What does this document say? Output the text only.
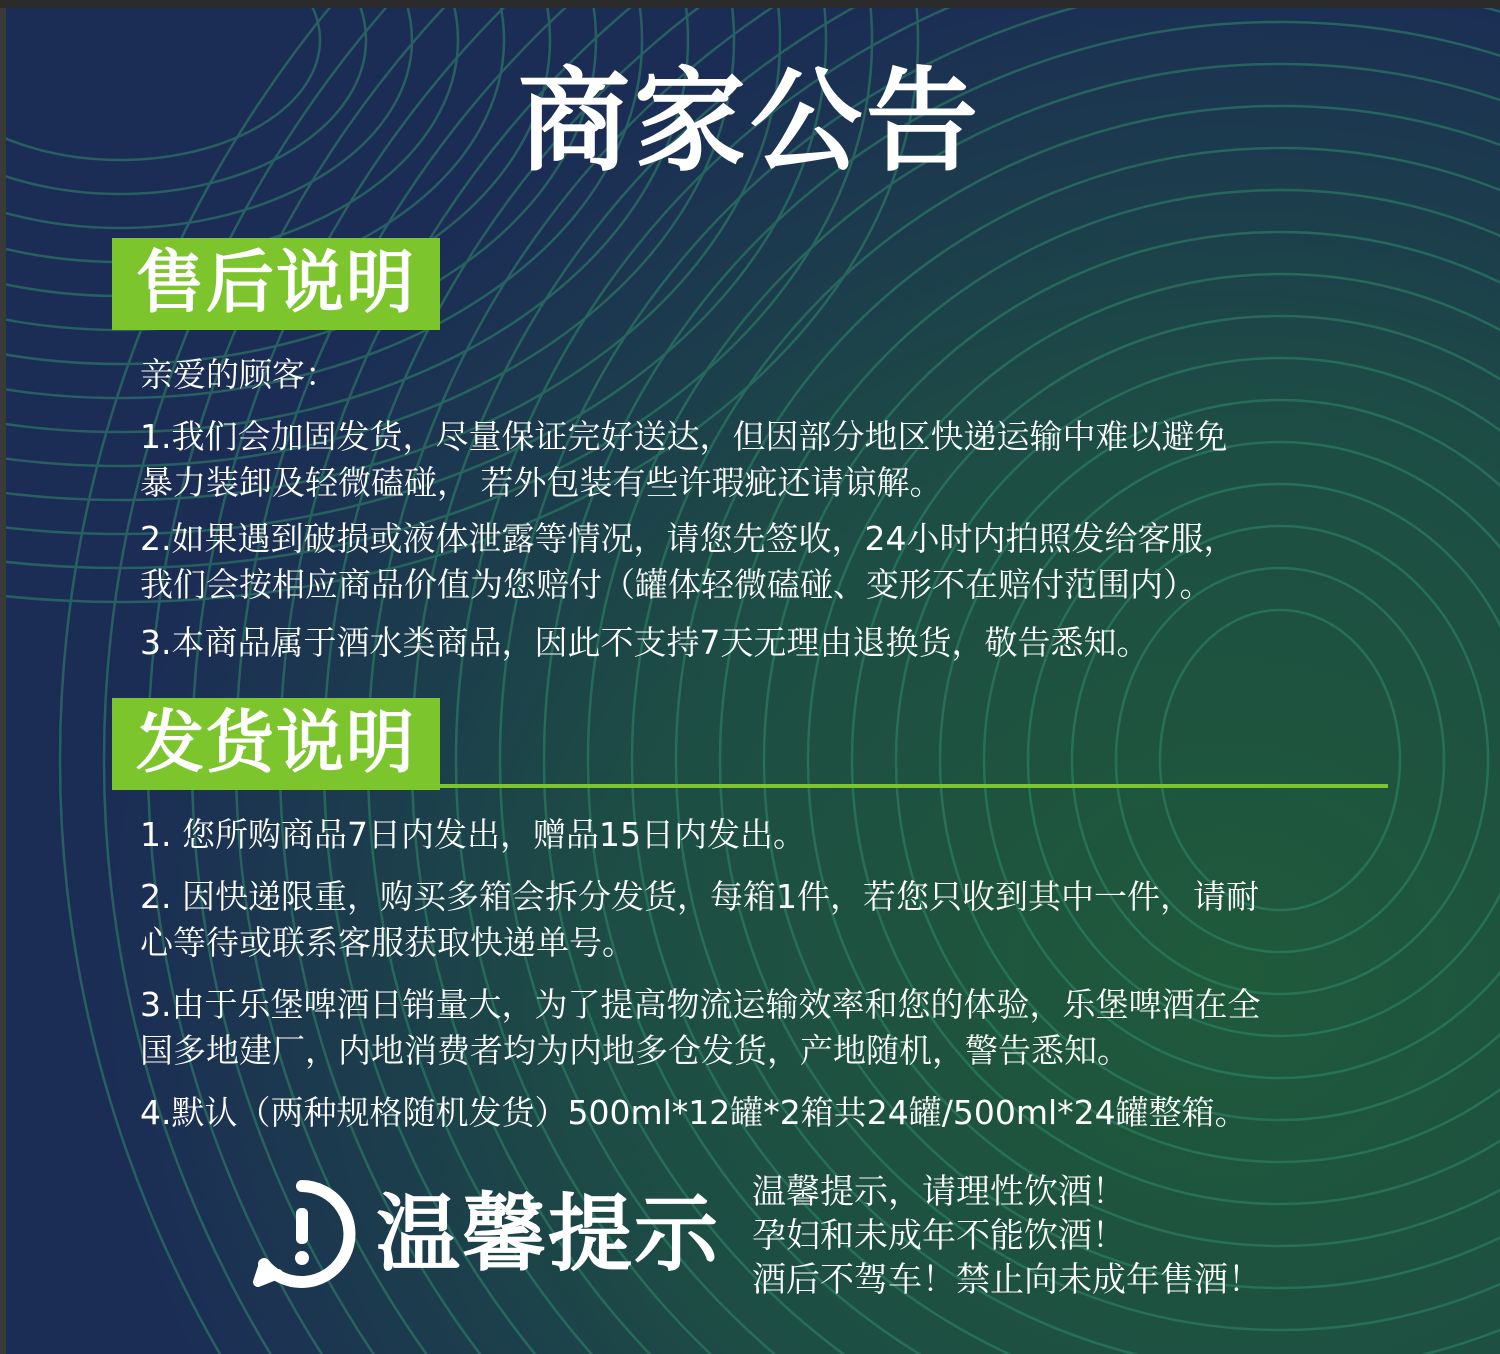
商家公告
售后说明

亲爱的顾客：

1.我们会加固发货，尽量保证完好送达，但因部分地区快递运输中难以避免
暴力装卸及轻微磕碰， 若外包装有些许瑕疵还请谅解。

2.如果遇到破损或液体泄露等情况，请您先签收，24小时内拍照发给客服，
我们会按相应商品价值为您赔付（罐体轻微磕碰、变形不在赔付范围内）。

3.本商品属于酒水类商品，因此不支持7天无理由退换货，敬告悉知。

发货说明

1. 您所购商品7日内发出，赠品15日内发出。

2. 因快递限重，购买多箱会拆分发货，每箱1件，若您只收到其中一件，请耐
心等待或联系客服获取快递单号。

3.由于乐堡啤酒日销量大，为了提高物流运输效率和您的体验，乐堡啤酒在全
国多地建厂，内地消费者均为内地多仓发货，产地随机，警告悉知。

4.默认（两种规格随机发货）500ml*12罐*2箱共24罐/500ml*24罐整箱。

温馨提示 温馨提示，请理性饮酒！
孕妇和未成年不能饮酒！
酒后不驾车！禁止向未成年售酒！
